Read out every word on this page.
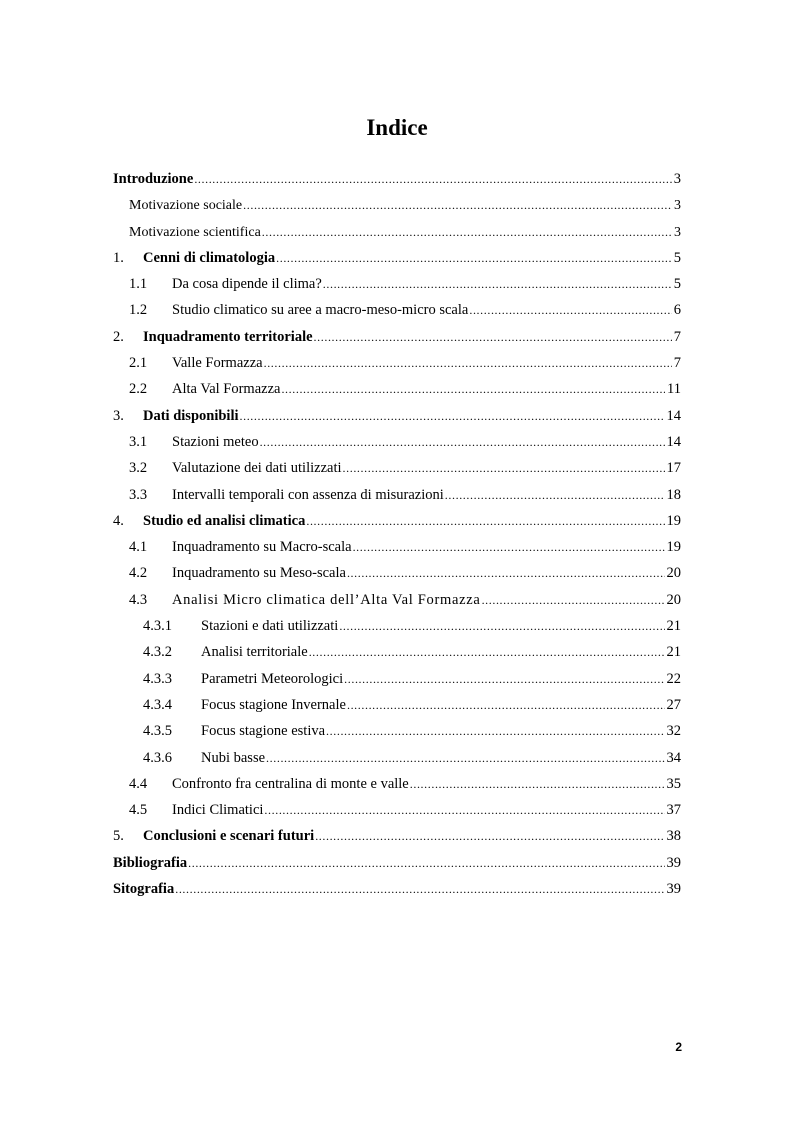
Indice
Introduzione .....	3
Motivazione sociale .....	3
Motivazione scientifica .....	3
1.	Cenni di climatologia .....	5
1.1	Da cosa dipende il clima? .....	5
1.2	Studio climatico su aree a macro-meso-micro scala .....	6
2.	Inquadramento territoriale .....	7
2.1	Valle Formazza .....	7
2.2	Alta Val Formazza .....	11
3.	Dati disponibili .....	14
3.1	Stazioni meteo .....	14
3.2	Valutazione dei dati utilizzati .....	17
3.3	Intervalli temporali con assenza di misurazioni .....	18
4.	Studio ed analisi climatica .....	19
4.1	Inquadramento su Macro-scala .....	19
4.2	Inquadramento su Meso-scala .....	20
4.3	Analisi Micro climatica dell’Alta Val Formazza .....	20
4.3.1	Stazioni e dati utilizzati .....	21
4.3.2	Analisi territoriale .....	21
4.3.3	Parametri Meteorologici .....	22
4.3.4	Focus stagione Invernale .....	27
4.3.5	Focus stagione estiva .....	32
4.3.6	Nubi basse .....	34
4.4	Confronto fra centralina di monte e valle .....	35
4.5	Indici Climatici .....	37
5.	Conclusioni e scenari futuri .....	38
Bibliografia .....	39
Sitografia .....	39
2
